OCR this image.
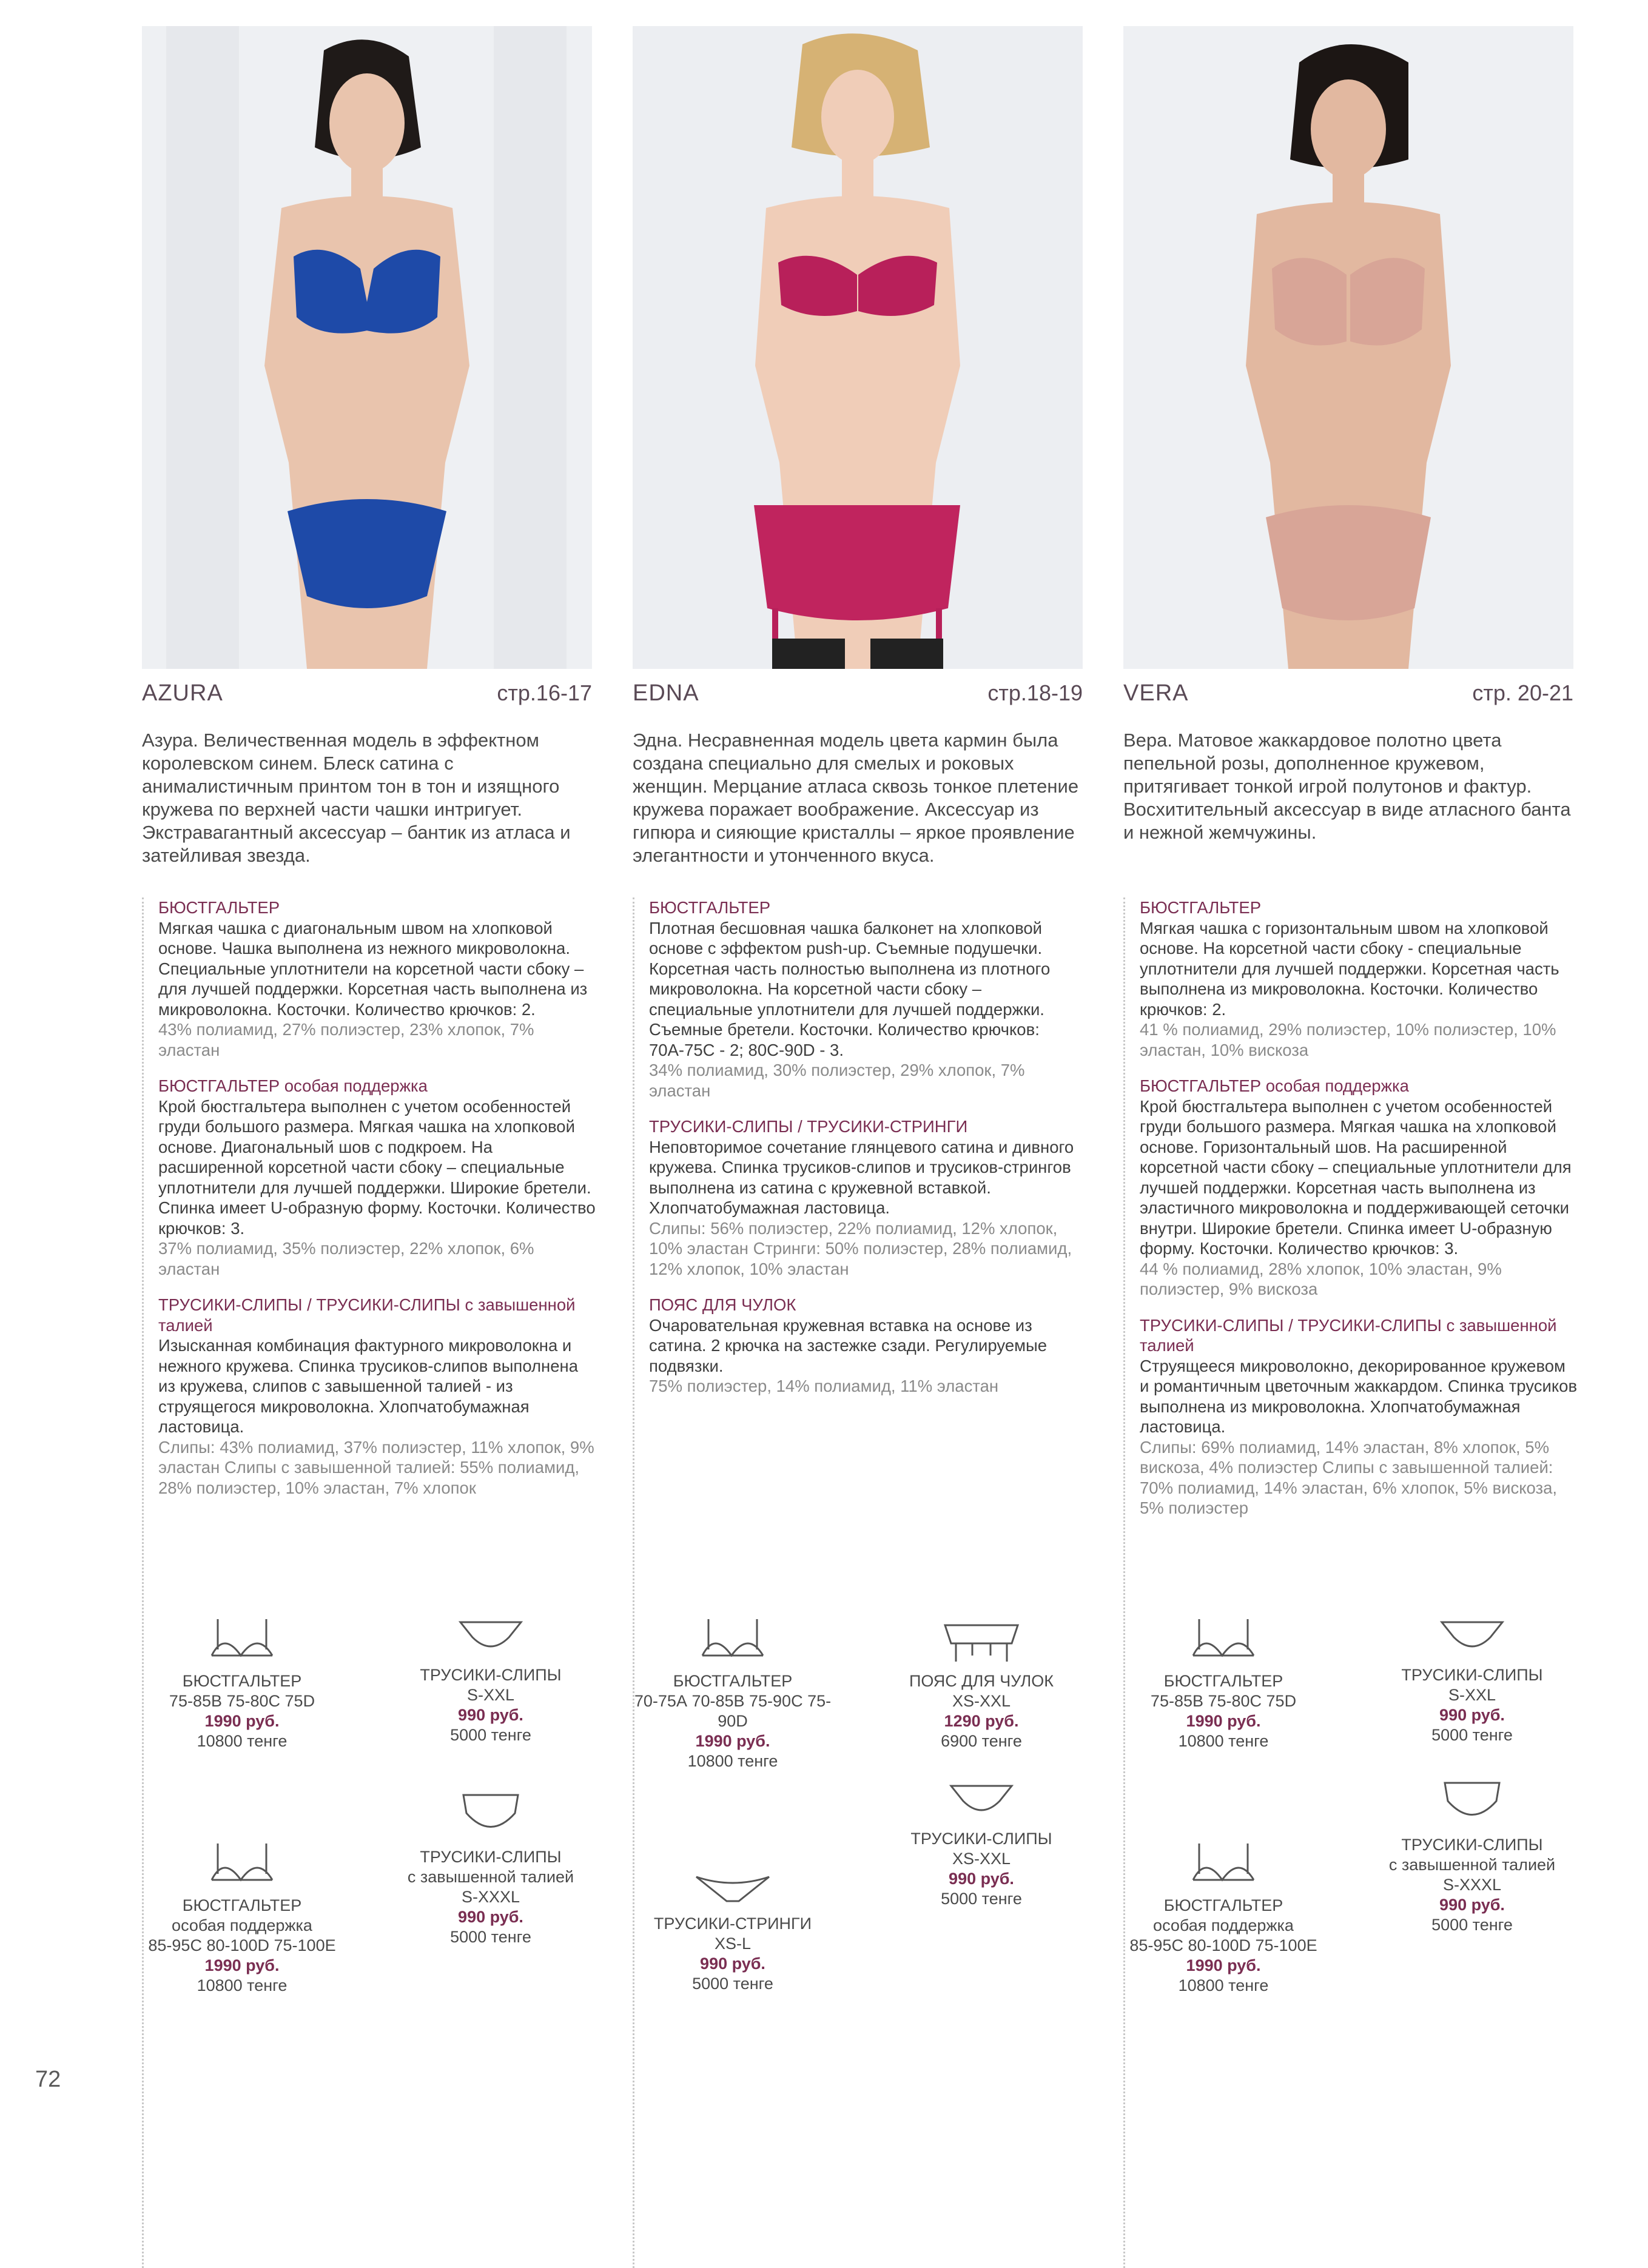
AZURA	стр.16-17
Азура. Величественная модель в эффектном королевском синем. Блеск сатина с анималистичным принтом тон в тон и изящного кружева по верхней части чашки интригует. Экстравагантный аксессуар – бантик из атласа и затейливая звезда.
БЮСТГАЛЬТЕР
Мягкая чашка с диагональным швом на хлопковой основе. Чашка выполнена из нежного микроволокна. Специальные уплотнители на корсетной части сбоку – для лучшей поддержки. Корсетная часть выполнена из микроволокна. Косточки. Количество крючков: 2.
43% полиамид, 27% полиэстер, 23% хлопок, 7% эластан
БЮСТГАЛЬТЕР особая поддержка
Крой бюстгальтера выполнен с учетом особенностей груди большого размера. Мягкая чашка на хлопковой основе. Диагональный шов с подкроем. На расширенной корсетной части сбоку – специальные уплотнители для лучшей поддержки. Широкие бретели. Спинка имеет U-образную форму. Косточки. Количество крючков: 3.
37% полиамид, 35% полиэстер, 22% хлопок, 6% эластан
ТРУСИКИ-СЛИПЫ / ТРУСИКИ-СЛИПЫ с завышенной талией
Изысканная комбинация фактурного микроволокна и нежного кружева. Спинка трусиков-слипов выполнена из кружева, слипов с завышенной талией - из струящегося микроволокна. Хлопчатобумажная ластовица.
Слипы: 43% полиамид, 37% полиэстер, 11% хлопок, 9% эластан Слипы с завышенной талией: 55% полиамид, 28% полиэстер, 10% эластан, 7% хлопок
БЮСТГАЛЬТЕР
75-85B 75-80C 75D
1990 руб.
10800 тенге
ТРУСИКИ-СЛИПЫ
S-XXL
990 руб.
5000 тенге
ТРУСИКИ-СЛИПЫ
с завышенной талией
S-XXXL
990 руб.
5000 тенге
БЮСТГАЛЬТЕР
особая поддержка
85-95C 80-100D 75-100E
1990 руб.
10800 тенге
EDNA	стр.18-19
Эдна. Несравненная модель цвета кармин была создана специально для смелых и роковых женщин. Мерцание атласа сквозь тонкое плетение кружева поражает воображение. Аксессуар из гипюра и сияющие кристаллы – яркое проявление элегантности и утонченного вкуса.
БЮСТГАЛЬТЕР
Плотная бесшовная чашка балконет на хлопковой основе с эффектом push-up. Съемные подушечки. Корсетная часть полностью выполнена из плотного микроволокна. На корсетной части сбоку – специальные уплотнители для лучшей поддержки. Съемные бретели. Косточки. Количество крючков: 70А-75С - 2; 80С-90D - 3.
34% полиамид, 30% полиэстер, 29% хлопок, 7% эластан
ТРУСИКИ-СЛИПЫ / ТРУСИКИ-СТРИНГИ
Неповторимое сочетание глянцевого сатина и дивного кружева. Спинка трусиков-слипов и трусиков-стрингов выполнена из сатина с кружевной вставкой. Хлопчатобумажная ластовица.
Слипы: 56% полиэстер, 22% полиамид, 12% хлопок, 10% эластан Стринги: 50% полиэстер, 28% полиамид, 12% хлопок, 10% эластан
ПОЯС ДЛЯ ЧУЛОК
Очаровательная кружевная вставка на основе из сатина. 2 крючка на застежке сзади. Регулируемые подвязки.
75% полиэстер, 14% полиамид, 11% эластан
БЮСТГАЛЬТЕР
70-75А 70-85В 75-90С 75-90D
1990 руб.
10800 тенге
ПОЯС ДЛЯ ЧУЛОК
XS-XXL
1290 руб.
6900 тенге
ТРУСИКИ-СТРИНГИ
XS-L
990 руб.
5000 тенге
ТРУСИКИ-СЛИПЫ
XS-XXL
990 руб.
5000 тенге
VERA	стр. 20-21
Вера. Матовое жаккардовое полотно цвета пепельной розы, дополненное кружевом, притягивает тонкой игрой полутонов и фактур. Восхитительный аксессуар в виде атласного банта и нежной жемчужины.
БЮСТГАЛЬТЕР
Мягкая чашка с горизонтальным швом на хлопковой основе. На корсетной части сбоку - специальные уплотнители для лучшей поддержки. Корсетная часть выполнена из микроволокна. Косточки. Количество крючков: 2.
41 % полиамид, 29% полиэстер, 10% полиэстер, 10% эластан, 10% вискоза
БЮСТГАЛЬТЕР особая поддержка
Крой бюстгальтера выполнен с учетом особенностей груди большого размера. Мягкая чашка на хлопковой основе. Горизонтальный шов. На расширенной корсетной части сбоку – специальные уплотнители для лучшей поддержки. Корсетная часть выполнена из эластичного микроволокна и поддерживающей сеточки внутри. Широкие бретели. Спинка имеет U-образную форму. Косточки. Количество крючков: 3.
44 % полиамид, 28% хлопок, 10% эластан, 9% полиэстер, 9% вискоза
ТРУСИКИ-СЛИПЫ / ТРУСИКИ-СЛИПЫ с завышенной талией
Струящееся микроволокно, декорированное кружевом и романтичным цветочным жаккардом. Спинка трусиков выполнена из микроволокна. Хлопчатобумажная ластовица.
Слипы: 69% полиамид, 14% эластан, 8% хлопок, 5% вискоза, 4% полиэстер Слипы с завышенной талией: 70% полиамид, 14% эластан, 6% хлопок, 5% вискоза, 5% полиэстер
БЮСТГАЛЬТЕР
75-85B 75-80C 75D
1990 руб.
10800 тенге
ТРУСИКИ-СЛИПЫ
S-XXL
990 руб.
5000 тенге
ТРУСИКИ-СЛИПЫ
с завышенной талией
S-XXXL
990 руб.
5000 тенге
БЮСТГАЛЬТЕР
особая поддержка
85-95C 80-100D 75-100E
1990 руб.
10800 тенге
72
